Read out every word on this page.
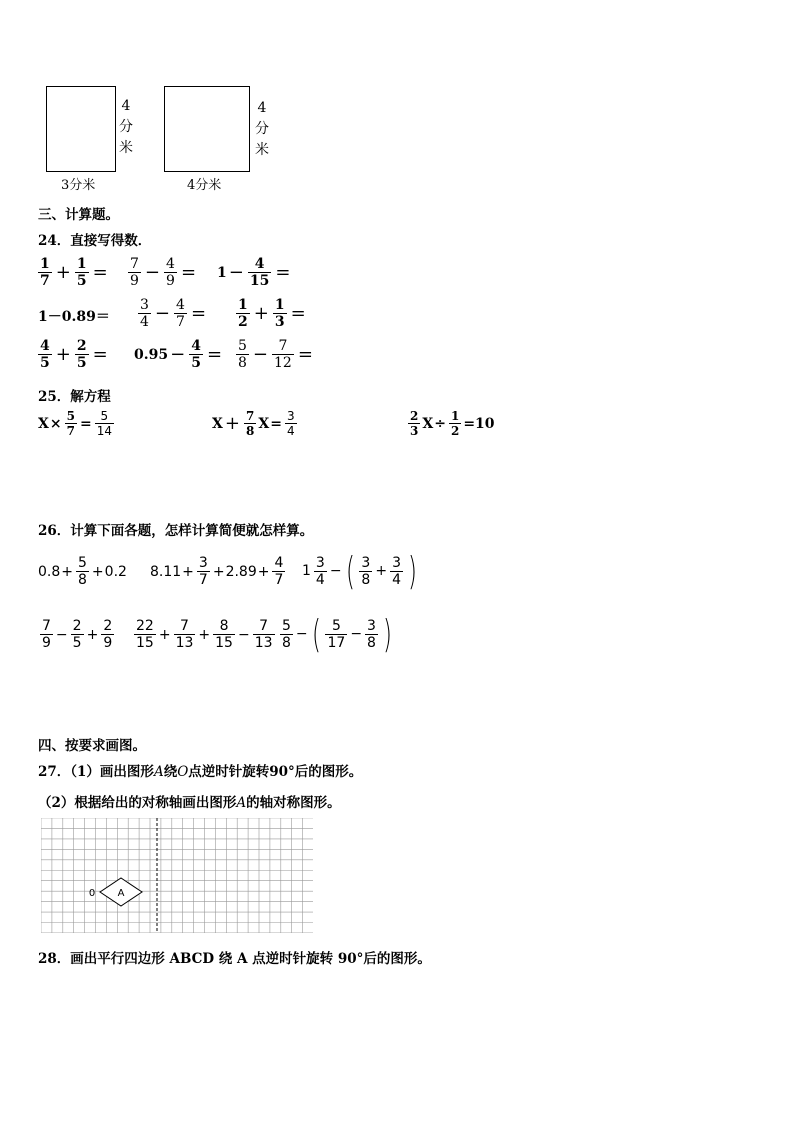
4
分
米
3分米
4
分
米
4分米
三、计算题。
24．直接写得数．
$\frac{1}{7} + \frac{1}{5} = \frac{7}{9} - \frac{4}{9} = 1 - \frac{4}{15}$ =
$1-0.89= \frac{3}{4} - \frac{4}{7} = \frac{1}{2} + \frac{1}{3}$ =
$\frac{4}{5} + \frac{2}{5} = 0.95 - \frac{4}{5} = \frac{5}{8} - \frac{7}{12}$ =
25．解方程
$X \times \frac{5}{7} = \frac{5}{14}$	$X + \frac{7}{8}$ $X = \frac{3}{4}$	$\frac{2}{3}$ $X \div \frac{1}{2} =10$
26．计算下面各题，怎样计算简便就怎样算。
$0.8 + \frac{5}{8} + 0.2$ $8.11 + \frac{3}{7} + 2.89 + \frac{4}{7} 1 \frac{3}{4}$ − ( $\frac{3}{8} + \frac{3}{4}$ )
$\frac{7}{9} - \frac{2}{5} + \frac{2}{9} \frac{22}{15} + \frac{7}{13} + \frac{8}{15} - \frac{7}{13} \frac{5}{8}$ − ( $\frac{5}{17} - \frac{3}{8}$ )
四、按要求画图。
27．（1）画出图形A绕O点逆时针旋转90°后的图形。
（2）根据给出的对称轴画出图形A的轴对称图形。
A
0
28．画出平行四边形 ABCD 绕 A 点逆时针旋转 90°后的图形。
